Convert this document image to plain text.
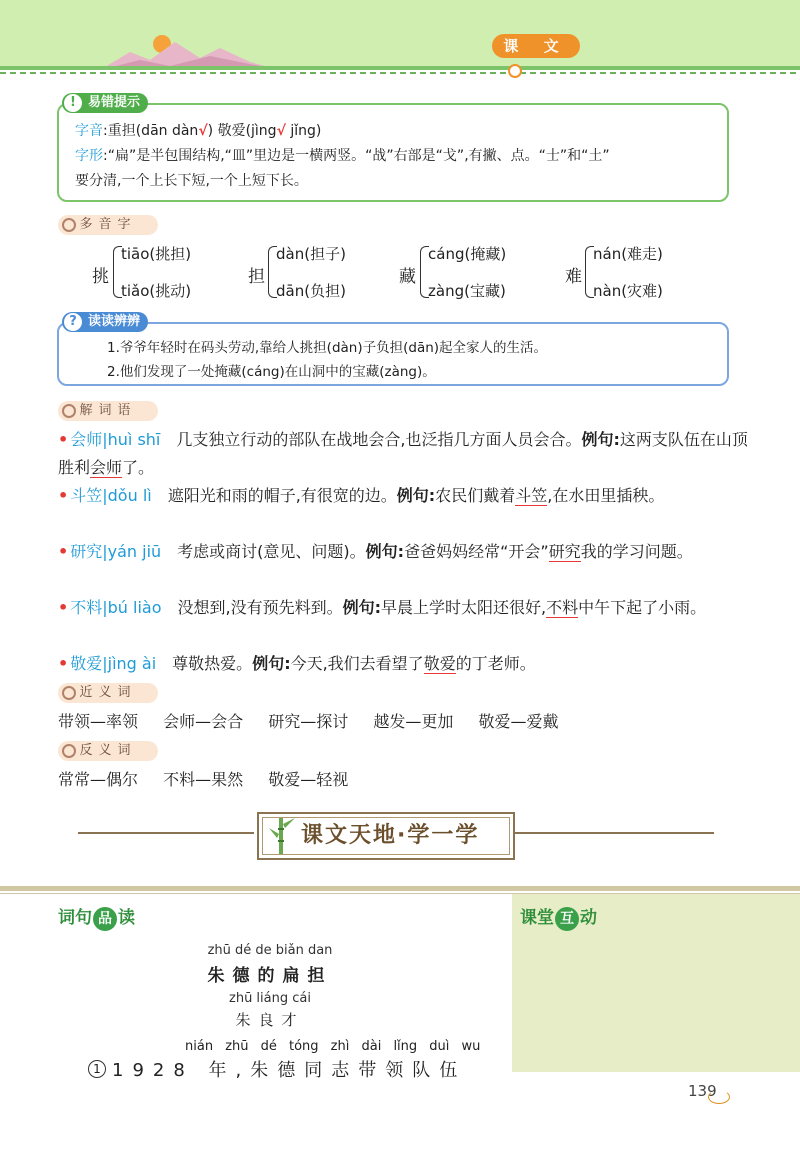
课 文
! 易错提示
字音:重担(dān dàn√) 敬爱(jìng√ jǐng)
字形:“扁”是半包围结构,“皿”里边是一横两竖。“战”右部是“戈”,有撇、点。“士”和“土”
要分清,一个上长下短,一个上短下长。
多音字
挑
tiāo(挑担)
tiǎo(挑动)
担
dàn(担子)
dān(负担)
藏
cáng(掩藏)
zàng(宝藏)
难
nán(难走)
nàn(灾难)
? 读读辨辨
1.爷爷年轻时在码头劳动,靠给人挑担(dàn)子负担(dān)起全家人的生活。
2.他们发现了一处掩藏(cáng)在山洞中的宝藏(zàng)。
解词语
• 会师|huì shī 几支独立行动的部队在战地会合,也泛指几方面人员会合。例句:这两支队伍在山顶胜利会师了。
• 斗笠|dǒu lì 遮阳光和雨的帽子,有很宽的边。例句:农民们戴着斗笠,在水田里插秧。
• 研究|yán jiū 考虑或商讨(意见、问题)。例句:爸爸妈妈经常“开会”研究我的学习问题。
• 不料|bú liào 没想到,没有预先料到。例句:早晨上学时太阳还很好,不料中午下起了小雨。
• 敬爱|jìng ài 尊敬热爱。例句:今天,我们去看望了敬爱的丁老师。
近义词
带领—率领 会师—会合 研究—探讨 越发—更加 敬爱—爱戴
反义词
常常—偶尔 不料—果然 敬爱—轻视
课文天地·学一学
词句 品 读	课堂 互 动
zhū dé de biǎn dan
朱德的扁担
zhū liáng cái
朱良才
nián zhū dé tóng zhì dài lǐng duì wu
1 1928 年,朱德同志带领队伍
139
